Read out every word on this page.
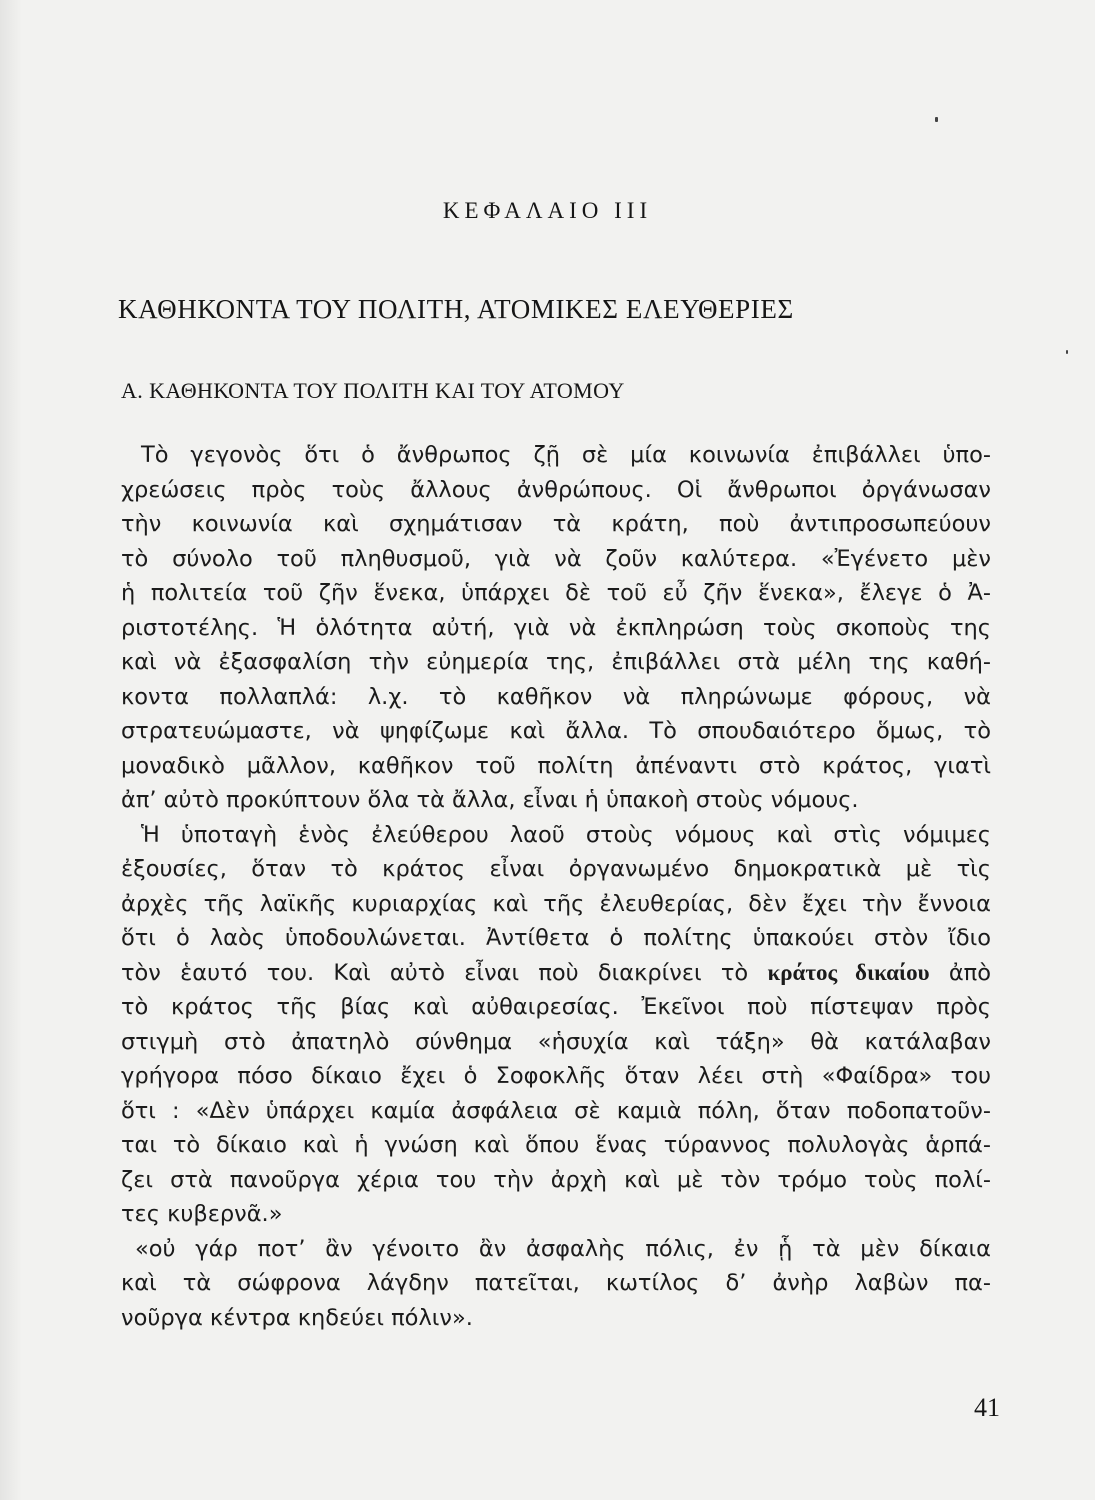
ΚΕΦΑΛΑΙΟ III

ΚΑΘΗΚΟΝΤΑ ΤΟΥ ΠΟΛΙΤΗ, ΑΤΟΜΙΚΕΣ ΕΛΕΥΘΕΡΙΕΣ
Α. ΚΑΘΗΚΟΝΤΑ ΤΟΥ ΠΟΛΙΤΗ ΚΑΙ ΤΟΥ ΑΤΟΜΟΥ

Τὸ γεγονὸς ὅτι ὁ ἄνθρωπος ζῇ σὲ μία κοινωνία ἐπιβάλλει ὑπο-
χρεώσεις πρὸς τοὺς ἄλλους ἀνθρώπους. Οἱ ἄνθρωποι ὀργάνωσαν
τὴν κοινωνία καὶ σχημάτισαν τὰ κράτη, ποὺ ἀντιπροσωπεύουν
τὸ σύνολο τοῦ πληθυσμοῦ, γιὰ νὰ ζοῦν καλύτερα. «Ἐγένετο μὲν
ἡ πολιτεία τοῦ ζῆν ἕνεκα, ὑπάρχει δὲ τοῦ εὖ ζῆν ἕνεκα», ἔλεγε ὁ Ἀ-
ριστοτέλης. Ἡ ὁλότητα αὐτή, γιὰ νὰ ἐκπληρώση τοὺς σκοποὺς της
καὶ νὰ ἐξασφαλίση τὴν εὐημερία της, ἐπιβάλλει στὰ μέλη της καθή-
κοντα πολλαπλά: λ.χ. τὸ καθῆκον νὰ πληρώνωμε φόρους, νὰ
στρατευώμαστε, νὰ ψηφίζωμε καὶ ἄλλα. Τὸ σπουδαιότερο ὅμως, τὸ
μοναδικὸ μᾶλλον, καθῆκον τοῦ πολίτη ἀπέναντι στὸ κράτος, γιατὶ
ἀπ’ αὐτὸ προκύπτουν ὅλα τὰ ἄλλα, εἶναι ἡ ὑπακοὴ στοὺς νόμους.

Ἡ ὑποταγὴ ἑνὸς ἐλεύθερου λαοῦ στοὺς νόμους καὶ στὶς νόμιμες
ἐξουσίες, ὅταν τὸ κράτος εἶναι ὀργανωμένο δημοκρατικὰ μὲ τὶς
ἀρχὲς τῆς λαϊκῆς κυριαρχίας καὶ τῆς ἐλευθερίας, δὲν ἔχει τὴν ἔννοια
ὅτι ὁ λαὸς ὑποδουλώνεται. Ἀντίθετα ὁ πολίτης ὑπακούει στὸν ἴδιο
τὸν ἑαυτό του. Καὶ αὐτὸ εἶναι ποὺ διακρίνει τὸ κράτος δικαίου ἀπὸ
τὸ κράτος τῆς βίας καὶ αὐθαιρεσίας. Ἐκεῖνοι ποὺ πίστεψαν πρὸς
στιγμὴ στὸ ἀπατηλὸ σύνθημα «ἡσυχία καὶ τάξη» θὰ κατάλαβαν
γρήγορα πόσο δίκαιο ἔχει ὁ Σοφοκλῆς ὅταν λέει στὴ «Φαίδρα» του
ὅτι : «Δὲν ὑπάρχει καμία ἀσφάλεια σὲ καμιὰ πόλη, ὅταν ποδοπατοῦν-
ται τὸ δίκαιο καὶ ἡ γνώση καὶ ὅπου ἕνας τύραννος πολυλογὰς ἁρπά-
ζει στὰ πανοῦργα χέρια του τὴν ἀρχὴ καὶ μὲ τὸν τρόμο τοὺς πολί-
τες κυβερνᾶ.»

«οὐ γάρ ποτ’ ἂν γένοιτο ἂν ἀσφαλὴς πόλις, ἐν ᾗ τὰ μὲν δίκαια
καὶ τὰ σώφρονα λάγδην πατεῖται, κωτίλος δ’ ἀνὴρ λαβὼν πα-
νοῦργα κέντρα κηδεύει πόλιν».

41
